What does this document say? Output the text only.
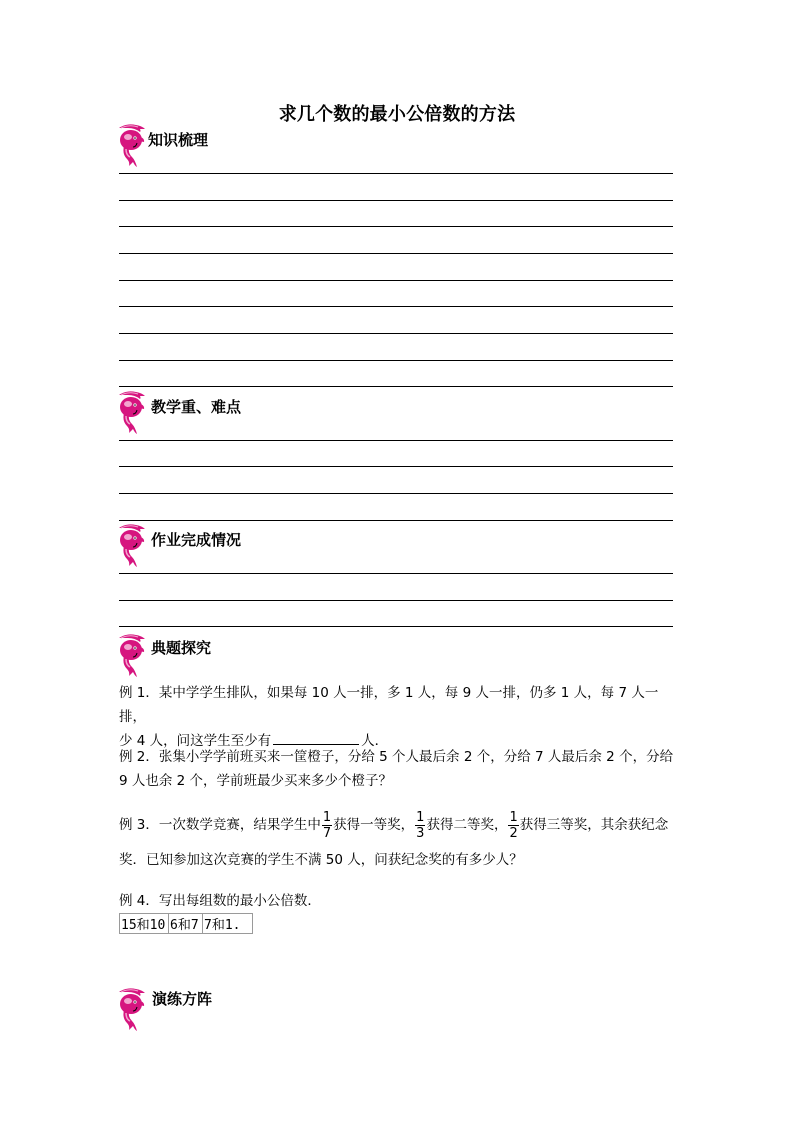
求几个数的最小公倍数的方法
知识梳理
教学重、难点
作业完成情况
典题探究
例 1．某中学学生排队，如果每 10 人一排，多 1 人，每 9 人一排，仍多 1 人，每 7 人一排，
少 4 人，问这学生至少有	人．
例 2．张集小学学前班买来一筐橙子，分给 5 个人最后余 2 个，分给 7 人最后余 2 个，分给
9 人也余 2 个，学前班最少买来多少个橙子？
例 3．一次数学竞赛，结果学生中 $\frac{1}{7}$ 获得一等奖， $\frac{1}{3}$ 获得二等奖， $\frac{1}{2}$ 获得三等奖，其余获纪念
奖．已知参加这次竞赛的学生不满 50 人，问获纪念奖的有多少人？
例 4．写出每组数的最小公倍数．
15和10	6和7	7和1.
演练方阵
